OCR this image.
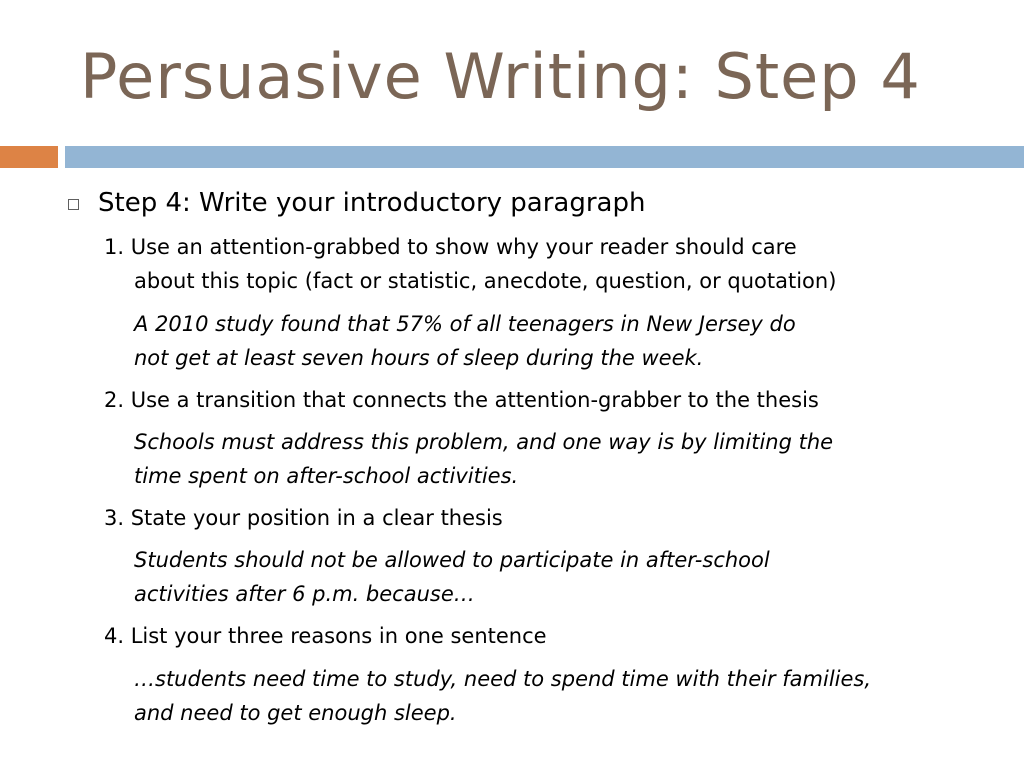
Persuasive Writing: Step 4
Step 4: Write your introductory paragraph
1. Use an attention-grabbed to show why your reader should care
about this topic (fact or statistic, anecdote, question, or quotation)
A 2010 study found that 57% of all teenagers in New Jersey do
not get at least seven hours of sleep during the week.
2. Use a transition that connects the attention-grabber to the thesis
Schools must address this problem, and one way is by limiting the
time spent on after-school activities.
3. State your position in a clear thesis
Students should not be allowed to participate in after-school
activities after 6 p.m. because…
4. List your three reasons in one sentence
…students need time to study, need to spend time with their families,
and need to get enough sleep.
